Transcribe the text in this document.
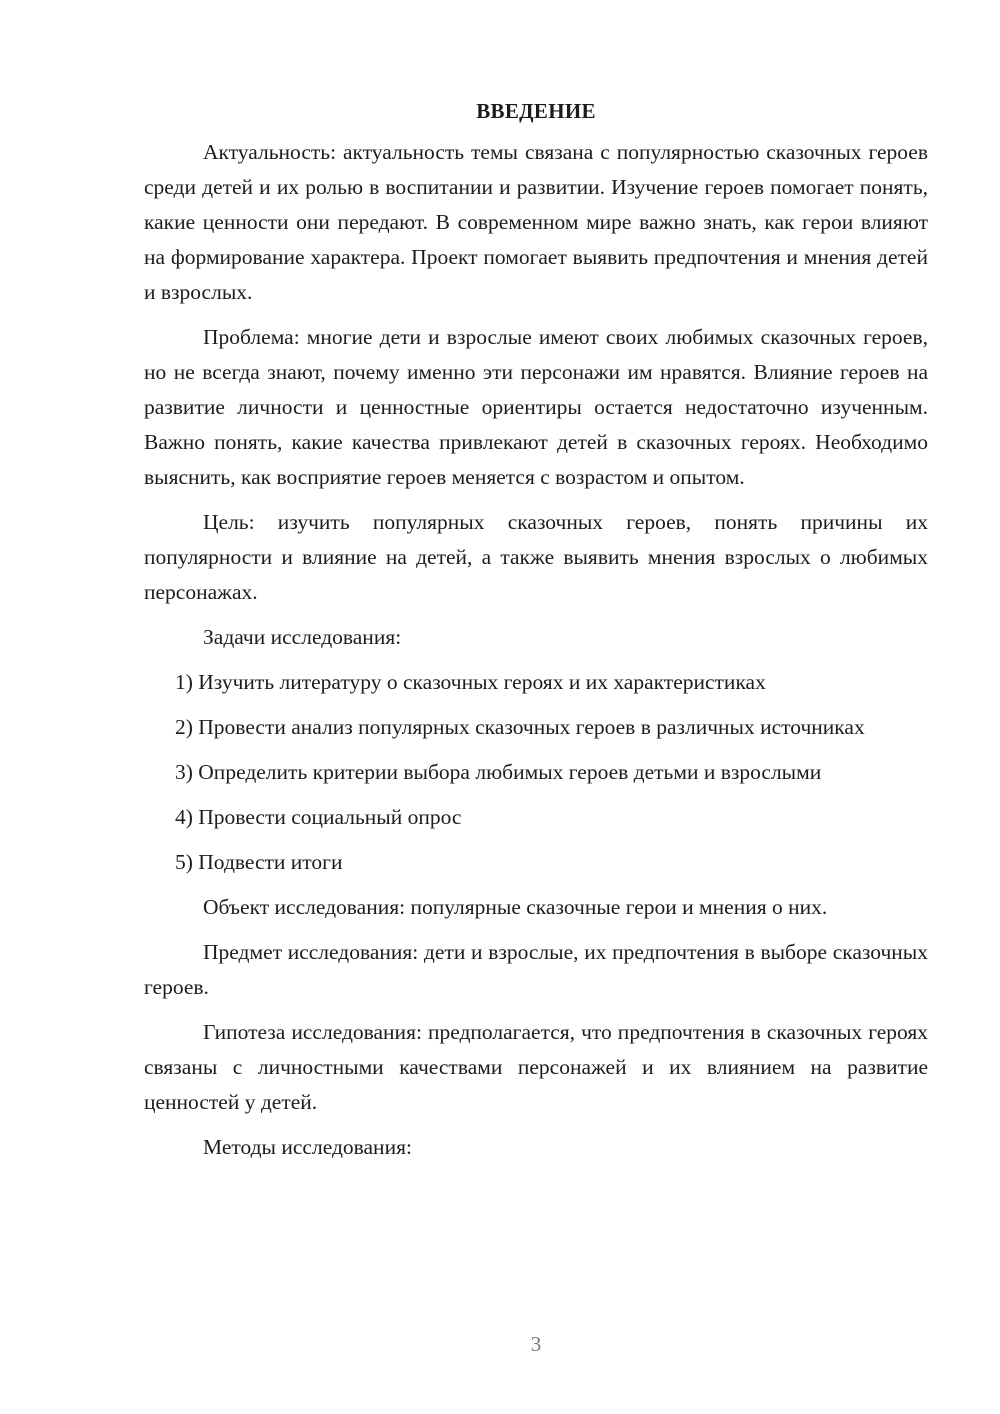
ВВЕДЕНИЕ

Актуальность: актуальность темы связана с популярностью сказочных героев среди детей и их ролью в воспитании и развитии. Изучение героев помогает понять, какие ценности они передают. В современном мире важно знать, как герои влияют на формирование характера. Проект помогает выявить предпочтения и мнения детей и взрослых.

Проблема: многие дети и взрослые имеют своих любимых сказочных героев, но не всегда знают, почему именно эти персонажи им нравятся. Влияние героев на развитие личности и ценностные ориентиры остается недостаточно изученным. Важно понять, какие качества привлекают детей в сказочных героях. Необходимо выяснить, как восприятие героев меняется с возрастом и опытом.

Цель: изучить популярных сказочных героев, понять причины их популярности и влияние на детей, а также выявить мнения взрослых о любимых персонажах.

Задачи исследования:

1) Изучить литературу о сказочных героях и их характеристиках

2) Провести анализ популярных сказочных героев в различных источниках

3) Определить критерии выбора любимых героев детьми и взрослыми

4) Провести социальный опрос

5) Подвести итоги

Объект исследования: популярные сказочные герои и мнения о них.

Предмет исследования: дети и взрослые, их предпочтения в выборе сказочных героев.

Гипотеза исследования: предполагается, что предпочтения в сказочных героях связаны с личностными качествами персонажей и их влиянием на развитие ценностей у детей.

Методы исследования:

3
